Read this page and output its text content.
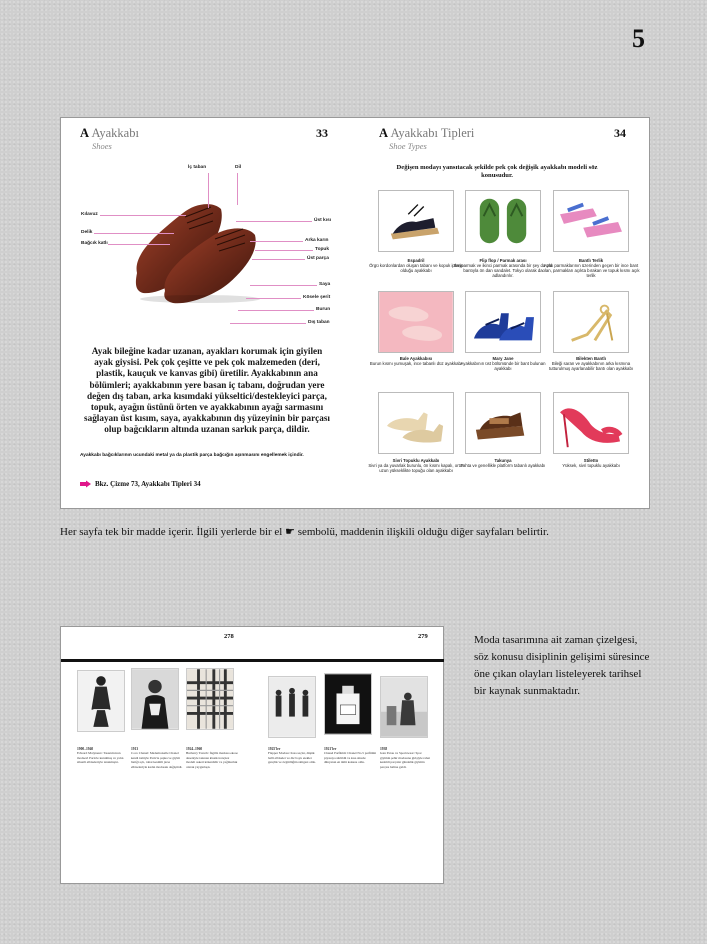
5
A Ayakkabı
Shoes
33
İç taban	Dil
Kılavuz
Delik
Bağcık katlı
Üst kısı
Arka karın
Topuk
Üst parça
Saya
Kösele şerit
Burun
Dış taban
Ayak bileğine kadar uzanan, ayakları korumak için giyilen ayak giysisi. Pek çok çeşitte ve pek çok malzemeden (deri, plastik, kauçuk ve kanvas gibi) üretilir. Ayakkabının ana bölümleri; ayakkabının yere basan iç tabanı, doğrudan yere değen dış taban, arka kısımdaki yükseltici/destekleyici parça, topuk, ayağın üstünü örten ve ayakkabının ayağı sarmasını sağlayan üst kısım, saya, ayakkabının dış yüzeyinin bir parçası olup bağcıkların altında uzanan sarkık parça, dildir.
Ayakkabı bağcıklarının ucundaki metal ya da plastik parça bağcığın aşınmasını engellemek içindir.
Bkz. Çizme 73, Ayakkabı Tipleri 34
A Ayakkabı Tipleri
Shoe Types
34
Değişen modayı yansıtacak şekilde pek çok değişik ayakkabı modeli söz konusudur.
Espadril
Örgü kordonlardan oluşan tabanı ve kopuk iplerin olduğu ayakkabı
Flip flop / Parmak arası
Başparmak ve ikinci parmak arasında bir şey da ölü bantıyla ön dan sandalet. Tokyo olarak da adlandırılır.
Bantlı Terlik
Ayak parmaklarının üzerinden geçen bir ince bant olan, parmakları açıkta bırakan ve topuk kısmı açık terlik
Bale Ayakkabısı
Burun kısmı yumuşak, ince tabanlı düz ayakkabı
Mary Jane
Ayakkabının üst bölümünde bir bant bulunan ayakkabı
Bilekten Bantlı
Bileği saran ve ayakkabının arka kısmına tutturulmuş ayarlanabilir bantı olan ayakkabı
Sivri Topuklu Ayakkabı
Sivri ya da yuvarlak burunlu, ön kısmı kapalı, orta-uzun yükseklikte topuğu olan ayakkabı
Takunya
Tahta ve genellikle platform tabanlı ayakkabı
Stiletto
Yüksek, sivri topuklu ayakkabı
Her sayfa tek bir madde içerir. İlgili yerlerde bir el ☛ sembolü, maddenin ilişkili olduğu diğer sayfaları belirtir.
278	279
1900–1940
Edward Molyneux: Tasarımcının modaevi Paris'te kurulmuş ve yalın siluetli elbiseleriyle tanınmıştır.
1913
Coco Chanel: Mademoiselle Chanel kendi ismiyle Paris'te şapka ve giyim butiği açtı, rahat kesimli jarse elbiseleriyle kadın modasını değiştirdi.
1924–1960
Burberry Trench: İngiliz markası ekose deseniyle tanınan klasik trençkot modeli askeri kökenlidir ve yağmurluk olarak yaygınlaştı.
1925'ler
Flapper Modası: Kısa saçlar, düşük belli elbiseler ve diz boyu etekler gençlik ve özgürlüğün simgesi oldu.
1921'ler
Chanel Parfümü: Chanel No.5 parfümü piyasaya sürüldü ve kısa sürede dünyanın en ünlü kokusu oldu.
1938
Jean Patou ve Sportswear: Spor giyimin şehir modasına girişiyle rahat kesimli parçalar gündelik giyimin parçası haline geldi.
Moda tasarımına ait zaman çizelgesi, söz konusu disiplinin gelişimi süresince öne çıkan olayları listeleyerek tarihsel bir kaynak sunmaktadır.
